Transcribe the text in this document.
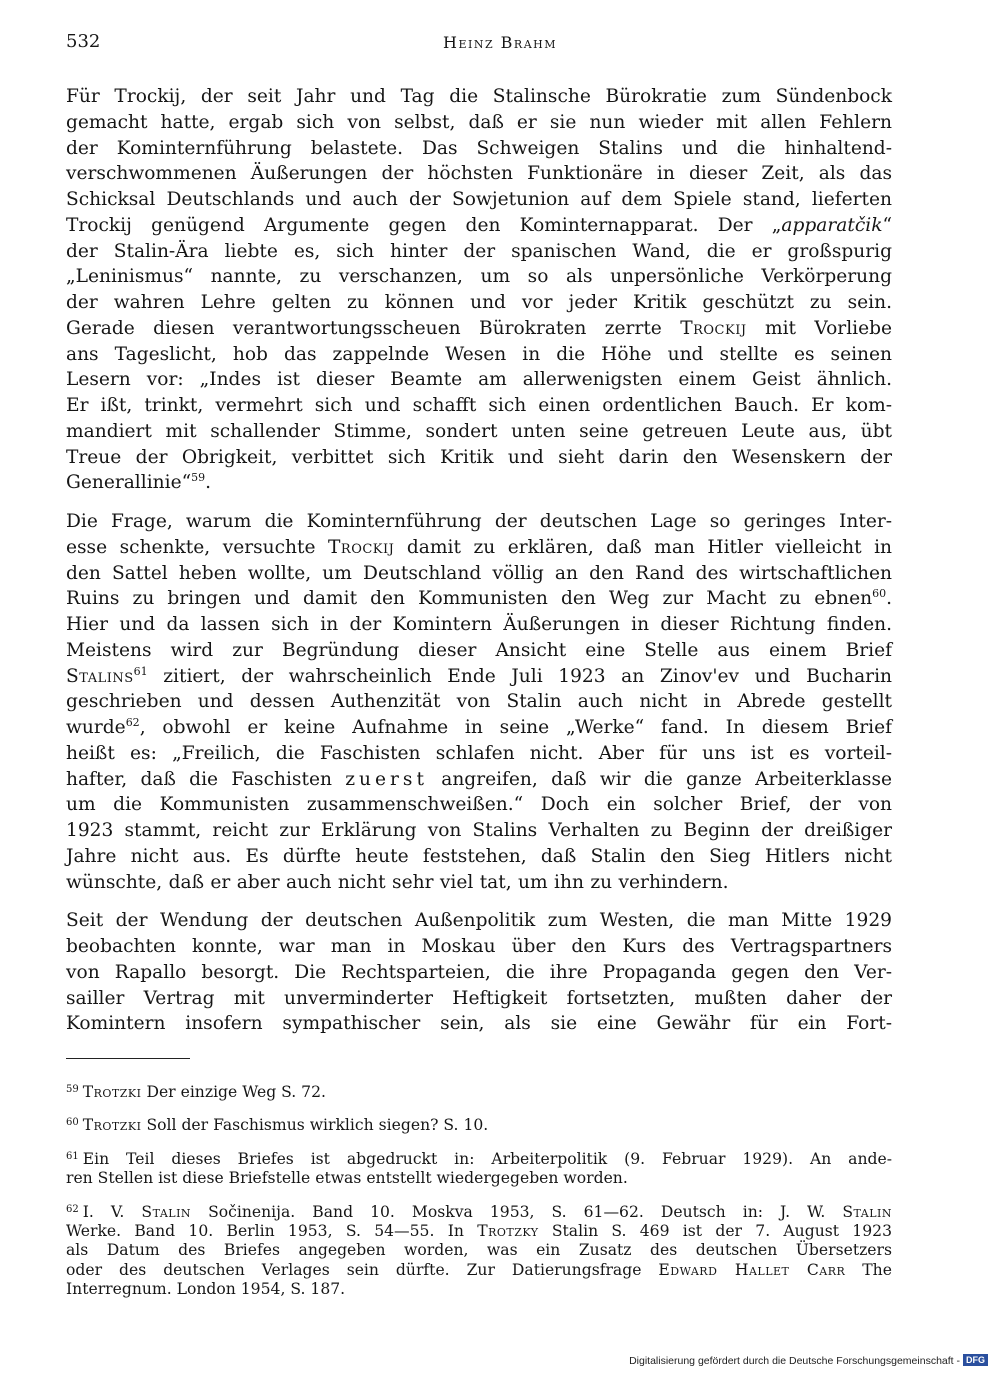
532	Heinz Brahm
Für Trockij, der seit Jahr und Tag die Stalinsche Bürokratie zum Sündenbock
gemacht hatte, ergab sich von selbst, daß er sie nun wieder mit allen Fehlern
der Kominternführung belastete. Das Schweigen Stalins und die hinhaltend-
verschwommenen Äußerungen der höchsten Funktionäre in dieser Zeit, als das
Schicksal Deutschlands und auch der Sowjetunion auf dem Spiele stand, lieferten
Trockij genügend Argumente gegen den Kominternapparat. Der „apparatčik“
der Stalin-Ära liebte es, sich hinter der spanischen Wand, die er großspurig
„Leninismus“ nannte, zu verschanzen, um so als unpersönliche Verkörperung
der wahren Lehre gelten zu können und vor jeder Kritik geschützt zu sein.
Gerade diesen verantwortungsscheuen Bürokraten zerrte Trockij mit Vorliebe
ans Tageslicht, hob das zappelnde Wesen in die Höhe und stellte es seinen
Lesern vor: „Indes ist dieser Beamte am allerwenigsten einem Geist ähnlich.
Er ißt, trinkt, vermehrt sich und schafft sich einen ordentlichen Bauch. Er kom-
mandiert mit schallender Stimme, sondert unten seine getreuen Leute aus, übt
Treue der Obrigkeit, verbittet sich Kritik und sieht darin den Wesenskern der
Generallinie“$^{59}$.
Die Frage, warum die Kominternführung der deutschen Lage so geringes Inter-
esse schenkte, versuchte Trockij damit zu erklären, daß man Hitler vielleicht in
den Sattel heben wollte, um Deutschland völlig an den Rand des wirtschaftlichen
Ruins zu bringen und damit den Kommunisten den Weg zur Macht zu ebnen$^{60}$.
Hier und da lassen sich in der Komintern Äußerungen in dieser Richtung finden.
Meistens wird zur Begründung dieser Ansicht eine Stelle aus einem Brief
Stalins$^{61}$ zitiert, der wahrscheinlich Ende Juli 1923 an Zinov'ev und Bucharin
geschrieben und dessen Authenzität von Stalin auch nicht in Abrede gestellt
wurde$^{62}$, obwohl er keine Aufnahme in seine „Werke“ fand. In diesem Brief
heißt es: „Freilich, die Faschisten schlafen nicht. Aber für uns ist es vorteil-
hafter, daß die Faschisten zuerst angreifen, daß wir die ganze Arbeiterklasse
um die Kommunisten zusammenschweißen.“ Doch ein solcher Brief, der von
1923 stammt, reicht zur Erklärung von Stalins Verhalten zu Beginn der dreißiger
Jahre nicht aus. Es dürfte heute feststehen, daß Stalin den Sieg Hitlers nicht
wünschte, daß er aber auch nicht sehr viel tat, um ihn zu verhindern.
Seit der Wendung der deutschen Außenpolitik zum Westen, die man Mitte 1929
beobachten konnte, war man in Moskau über den Kurs des Vertragspartners
von Rapallo besorgt. Die Rechtsparteien, die ihre Propaganda gegen den Ver-
sailler Vertrag mit unverminderter Heftigkeit fortsetzten, mußten daher der
Komintern insofern sympathischer sein, als sie eine Gewähr für ein Fort-
$^{59}$ Trotzki Der einzige Weg S. 72.
$^{60}$ Trotzki Soll der Faschismus wirklich siegen? S. 10.
$^{61}$ Ein Teil dieses Briefes ist abgedruckt in: Arbeiterpolitik (9. Februar 1929). An ande-
ren Stellen ist diese Briefstelle etwas entstellt wiedergegeben worden.
$^{62}$ I. V. Stalin Sočinenija. Band 10. Moskva 1953, S. 61—62. Deutsch in: J. W. Stalin
Werke. Band 10. Berlin 1953, S. 54—55. In Trotzky Stalin S. 469 ist der 7. August 1923
als Datum des Briefes angegeben worden, was ein Zusatz des deutschen Übersetzers
oder des deutschen Verlages sein dürfte. Zur Datierungsfrage Edward Hallet Carr The
Interregnum. London 1954, S. 187.
Digitalisierung gefördert durch die Deutsche Forschungsgemeinschaft - DFG
